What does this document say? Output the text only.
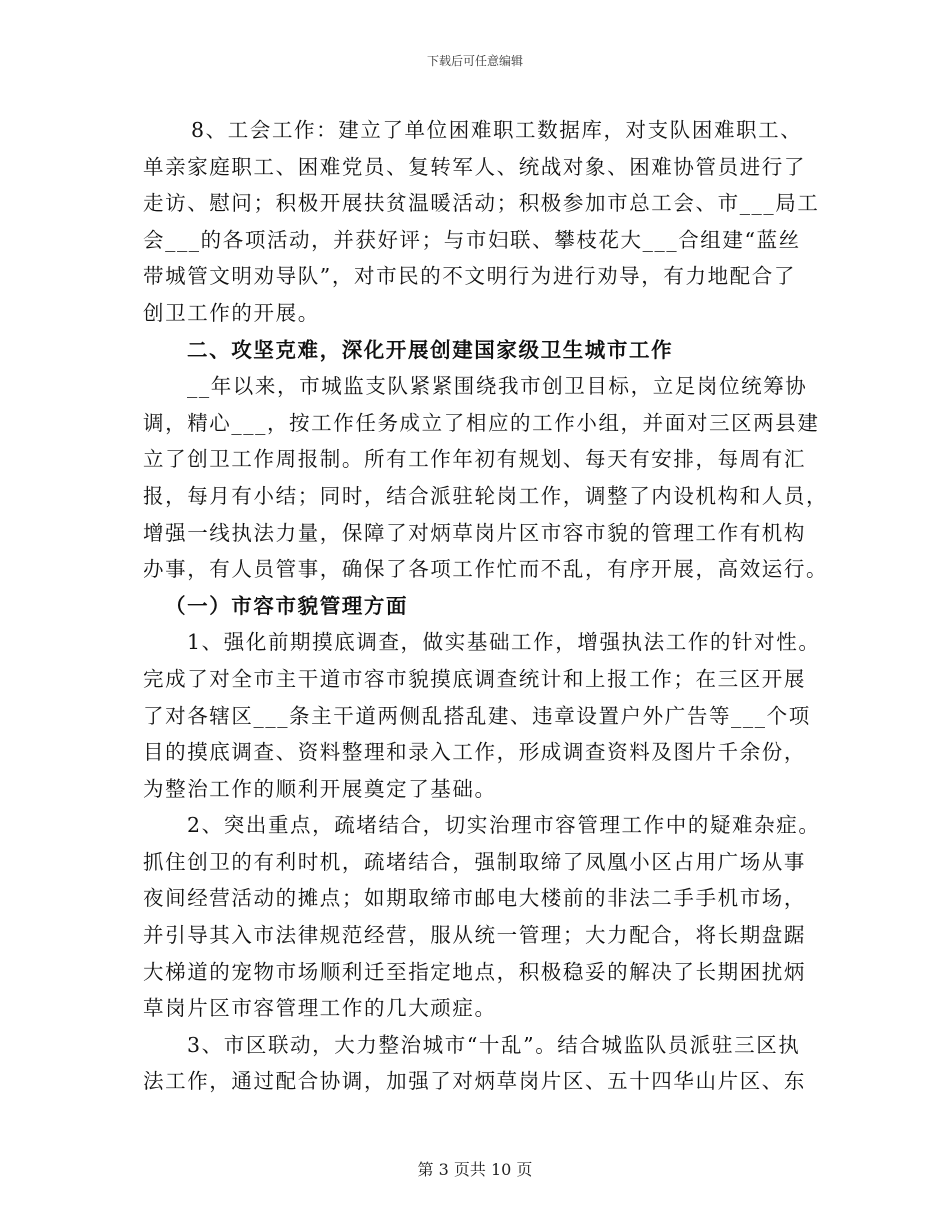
下载后可任意编辑
8、工会工作：建立了单位困难职工数据库，对支队困难职工、
单亲家庭职工、困难党员、复转军人、统战对象、困难协管员进行了
走访、慰问；积极开展扶贫温暖活动；积极参加市总工会、市___局工
会___的各项活动，并获好评；与市妇联、攀枝花大___合组建“蓝丝
带城管文明劝导队”，对市民的不文明行为进行劝导，有力地配合了
创卫工作的开展。
二、攻坚克难，深化开展创建国家级卫生城市工作
__年以来，市城监支队紧紧围绕我市创卫目标，立足岗位统筹协
调，精心___，按工作任务成立了相应的工作小组，并面对三区两县建
立了创卫工作周报制。所有工作年初有规划、每天有安排，每周有汇
报，每月有小结；同时，结合派驻轮岗工作，调整了内设机构和人员，
增强一线执法力量，保障了对炳草岗片区市容市貌的管理工作有机构
办事，有人员管事，确保了各项工作忙而不乱，有序开展，高效运行。
（一）市容市貌管理方面
1、强化前期摸底调查，做实基础工作，增强执法工作的针对性。
完成了对全市主干道市容市貌摸底调查统计和上报工作；在三区开展
了对各辖区___条主干道两侧乱搭乱建、违章设置户外广告等___个项
目的摸底调查、资料整理和录入工作，形成调查资料及图片千余份，
为整治工作的顺利开展奠定了基础。
2、突出重点，疏堵结合，切实治理市容管理工作中的疑难杂症。
抓住创卫的有利时机，疏堵结合，强制取缔了凤凰小区占用广场从事
夜间经营活动的摊点；如期取缔市邮电大楼前的非法二手手机市场，
并引导其入市法律规范经营，服从统一管理；大力配合，将长期盘踞
大梯道的宠物市场顺利迁至指定地点，积极稳妥的解决了长期困扰炳
草岗片区市容管理工作的几大顽症。
3、市区联动，大力整治城市“十乱”。结合城监队员派驻三区执
法工作，通过配合协调，加强了对炳草岗片区、五十四华山片区、东
第 3 页共 10 页
